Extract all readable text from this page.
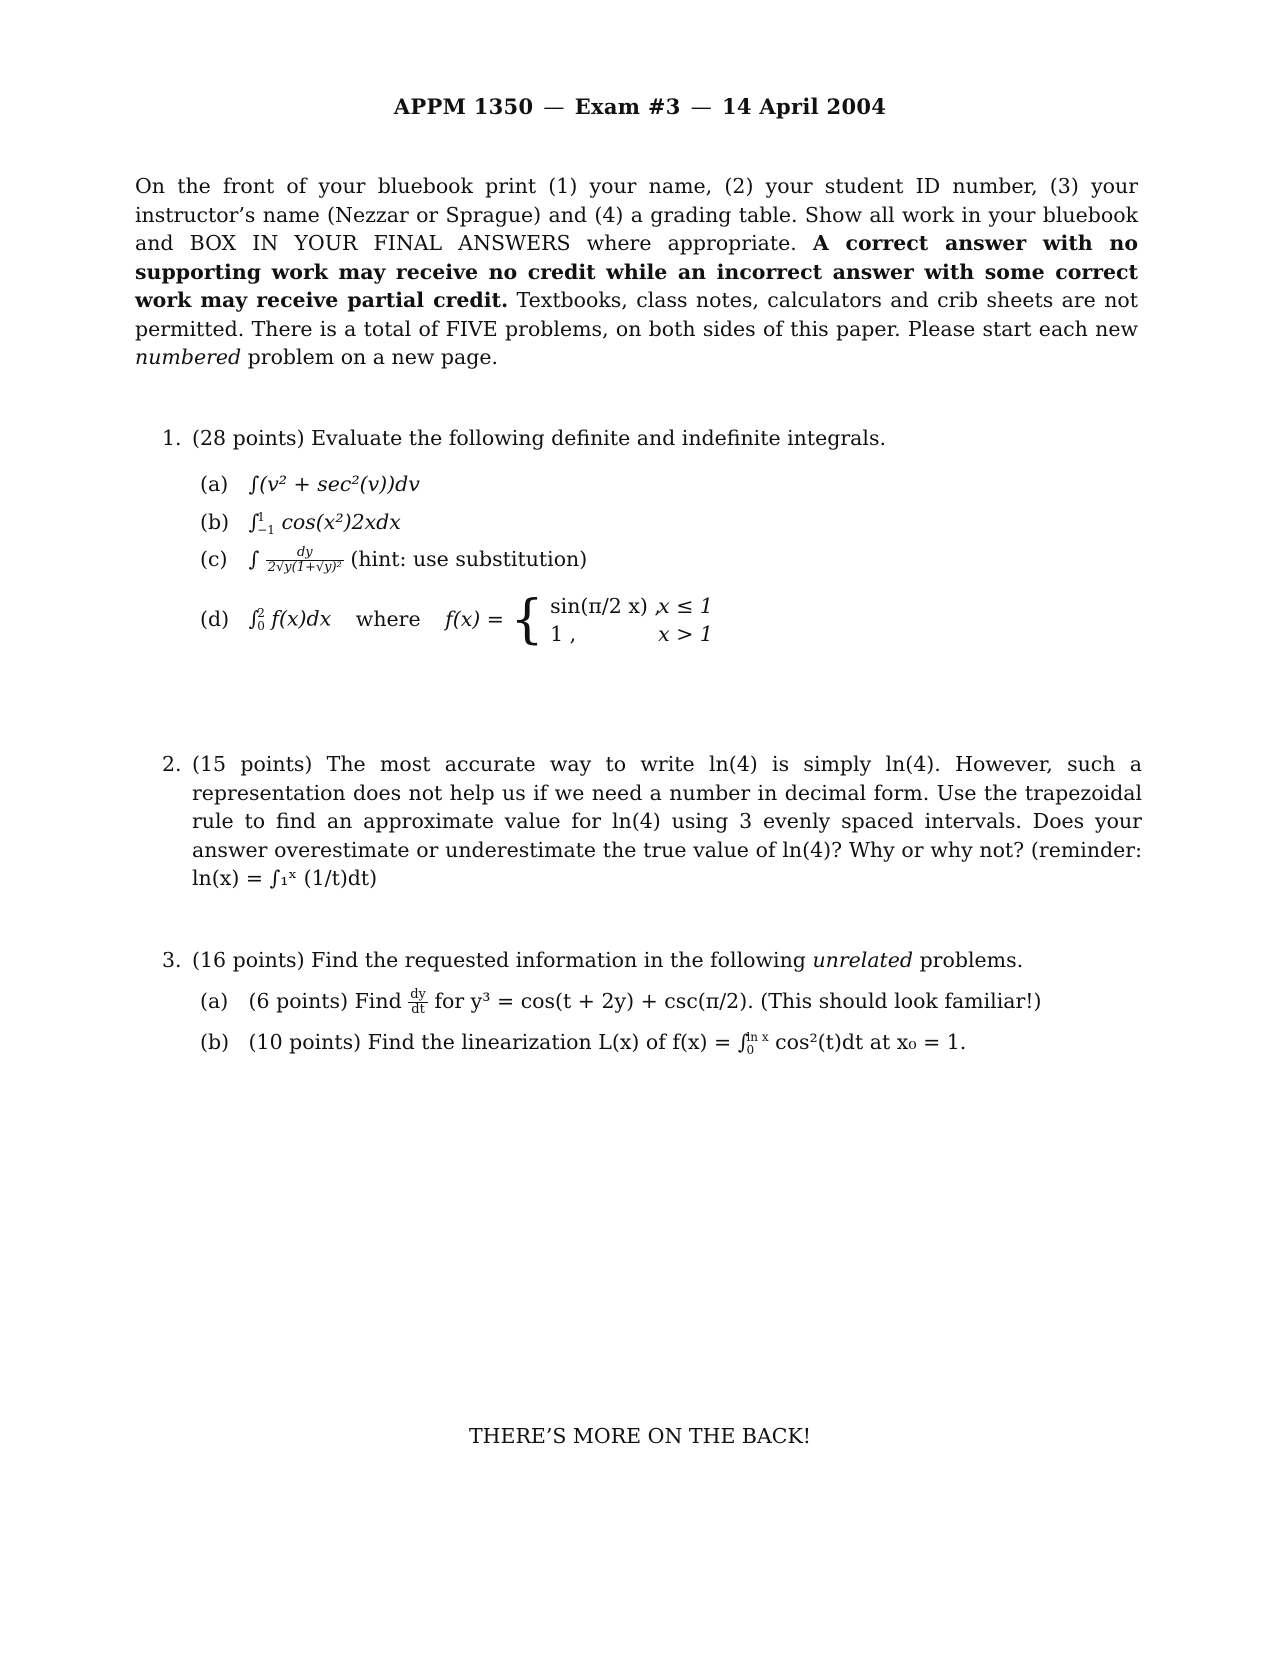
APPM 1350 — Exam #3 — 14 April 2004
On the front of your bluebook print (1) your name, (2) your student ID number, (3) your instructor’s name (Nezzar or Sprague) and (4) a grading table. Show all work in your bluebook and BOX IN YOUR FINAL ANSWERS where appropriate. A correct answer with no supporting work may receive no credit while an incorrect answer with some correct work may receive partial credit. Textbooks, class notes, calculators and crib sheets are not permitted. There is a total of FIVE problems, on both sides of this paper. Please start each new numbered problem on a new page.
1. (28 points) Evaluate the following definite and indefinite integrals.
(a) ∫(v² + sec²(v))dv
(b) ∫
1
−1 cos(x²)2xdx
(c) ∫ $\frac{dy}{\text{2√y(1+√y)²}}$ (hint: use substitution)
(d) ∫
2
0 f(x)dx where f(x) = { sin(π/2 x) ,x ≤ 1
1 ,	x > 1
2. (15 points) The most accurate way to write ln(4) is simply ln(4). However, such a representation does not help us if we need a number in decimal form. Use the trapezoidal rule to find an approximate value for ln(4) using 3 evenly spaced intervals. Does your answer overestimate or underestimate the true value of ln(4)? Why or why not? (reminder: ln(x) = ∫₁ˣ (1/t)dt)
3. (16 points) Find the requested information in the following unrelated problems.
(a) (6 points) Find $\frac{dy}{dt}$ for y³ = cos(t + 2y) + csc(π/2). (This should look familiar!)
(b) (10 points) Find the linearization L(x) of f(x) = ∫
ln x
0	cos²(t)dt at x₀ = 1.
THERE’S MORE ON THE BACK!
